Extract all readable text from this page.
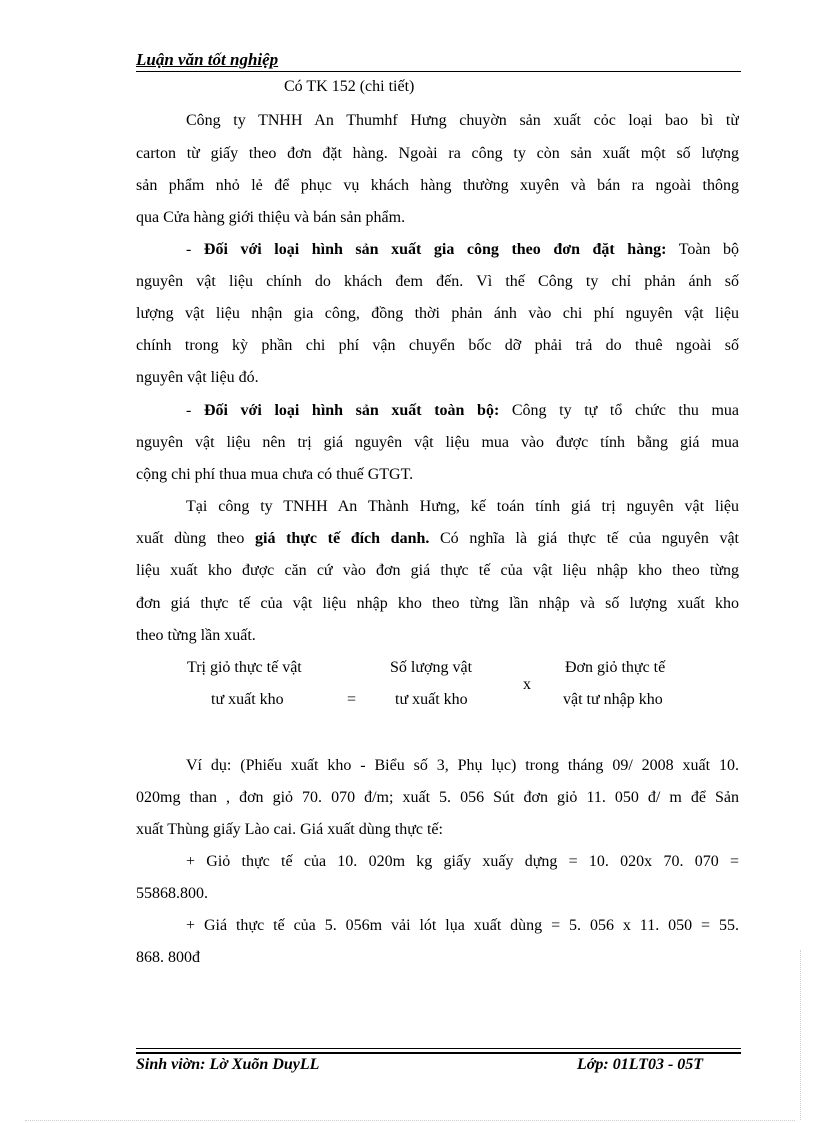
Luận văn tốt nghiệp
Có TK 152 (chi tiết)
Công ty TNHH An Thumhf Hưng chuyờn sản xuất cỏc loại bao bì từ
carton từ giấy theo đơn đặt hàng. Ngoài ra công ty còn sản xuất một số lượng
sản phẩm nhỏ lẻ để phục vụ khách hàng thường xuyên và bán ra ngoài thông
qua Cửa hàng giới thiệu và bán sản phẩm.
- Đối với loại hình sản xuất gia công theo đơn đặt hàng: Toàn bộ
nguyên vật liệu chính do khách đem đến. Vì thế Công ty chỉ phản ánh số
lượng vật liệu nhận gia công, đồng thời phản ánh vào chi phí nguyên vật liệu
chính trong kỳ phần chi phí vận chuyển bốc dỡ phải trả do thuê ngoài số
nguyên vật liệu đó.
- Đối với loại hình sản xuất toàn bộ: Công ty tự tổ chức thu mua
nguyên vật liệu nên trị giá nguyên vật liệu mua vào được tính bằng giá mua
cộng chi phí thua mua chưa có thuế GTGT.
Tại công ty TNHH An Thành Hưng, kế toán tính giá trị nguyên vật liệu
xuất dùng theo giá thực tế đích danh. Có nghĩa là giá thực tế của nguyên vật
liệu xuất kho được căn cứ vào đơn giá thực tế của vật liệu nhập kho theo từng
đơn giá thực tế của vật liệu nhập kho theo từng lần nhập và số lượng xuất kho
theo từng lần xuất.
Trị giỏ thực tế vật
tư xuất kho	=
Số lượng vật
tư xuất kho
x
Đơn giỏ thực tế
vật tư nhập kho
Ví dụ: (Phiếu xuất kho - Biểu số 3, Phụ lục) trong tháng 09/ 2008 xuất 10.
020mg than , đơn giỏ 70. 070 đ/m; xuất 5. 056 Sút đơn giỏ 11. 050 đ/ m để Sản
xuất Thùng giấy Lào cai. Giá xuất dùng thực tế:
+ Giỏ thực tế của 10. 020m kg giấy xuấy dựng = 10. 020x 70. 070 =
55868.800.
+ Giá thực tế của 5. 056m vải lót lụa xuất dùng = 5. 056 x 11. 050 = 55.
868. 800đ
Sinh viờn: Lờ Xuõn DuyLL	Lớp: 01LT03 - 05T
